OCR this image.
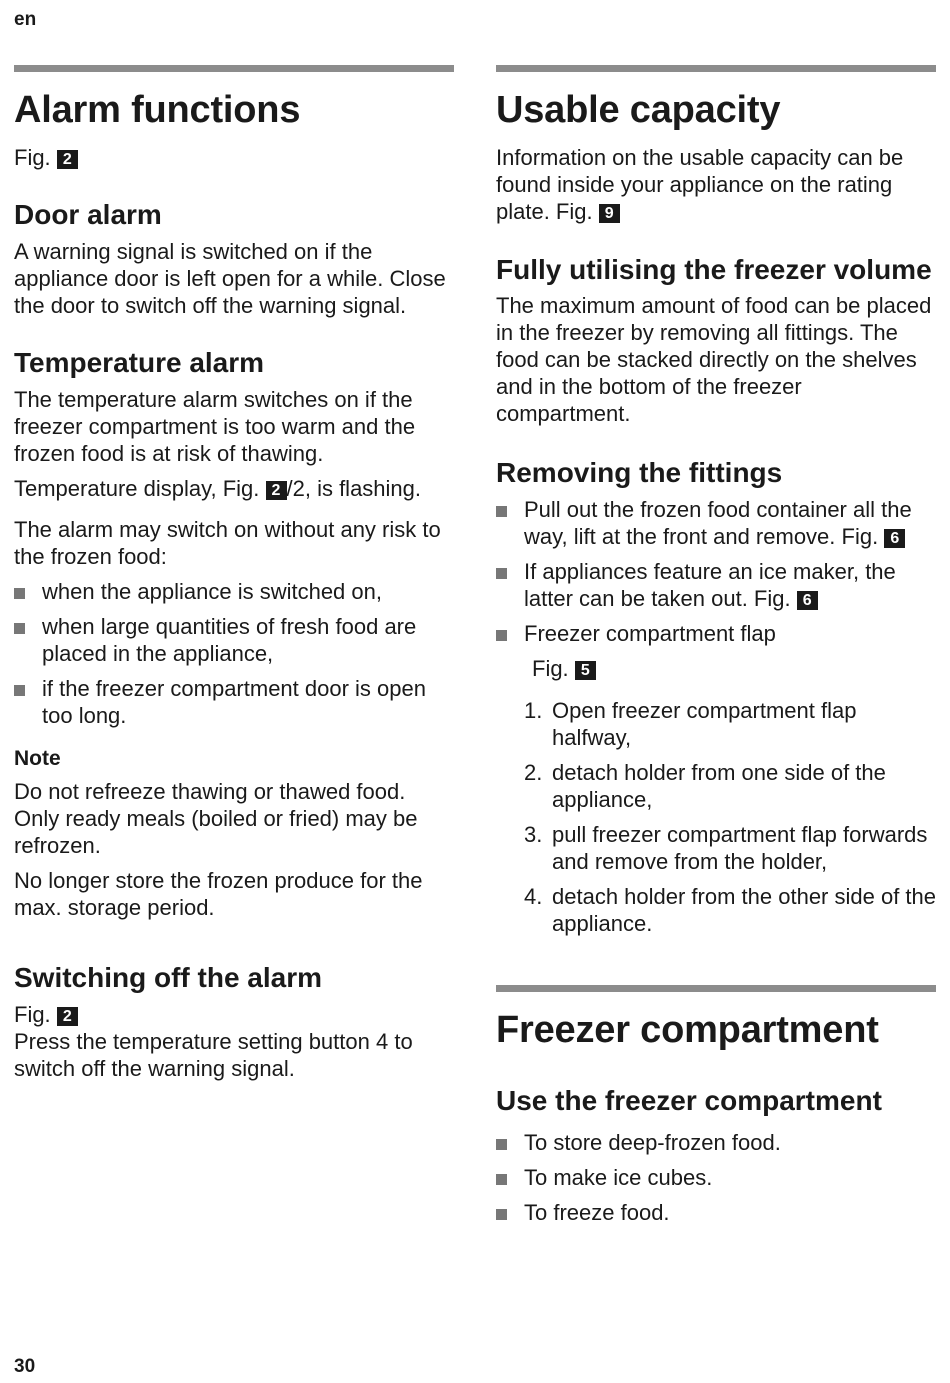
en
Alarm functions

Fig. 2

Door alarm

A warning signal is switched on if the appliance door is left open for a while. Close the door to switch off the warning signal.

Temperature alarm

The temperature alarm switches on if the freezer compartment is too warm and the frozen food is at risk of thawing.

Temperature display, Fig. 2 /2, is flashing.

The alarm may switch on without any risk to the frozen food:

when the appliance is switched on,
when large quantities of fresh food are placed in the appliance,
if the freezer compartment door is open too long.
Note

Do not refreeze thawing or thawed food. Only ready meals (boiled or fried) may be refrozen.

No longer store the frozen produce for the max. storage period.

Switching off the alarm

Fig. 2

Press the temperature setting button 4 to switch off the warning signal.

Usable capacity

Information on the usable capacity can be found inside your appliance on the rating plate. Fig. 9

Fully utilising the freezer volume

The maximum amount of food can be placed in the freezer by removing all fittings. The food can be stacked directly on the shelves and in the bottom of the freezer compartment.

Removing the fittings
Pull out the frozen food container all the way, lift at the front and remove. Fig. 6
If appliances feature an ice maker, the latter can be taken out. Fig. 6
Freezer compartment flap

Fig. 5

1. Open freezer compartment flap halfway,
2. detach holder from one side of the appliance,
3. pull freezer compartment flap forwards and remove from the holder,
4. detach holder from the other side of the appliance.
Freezer compartment
Use the freezer compartment
To store deep-frozen food.
To make ice cubes.
To freeze food.
30
